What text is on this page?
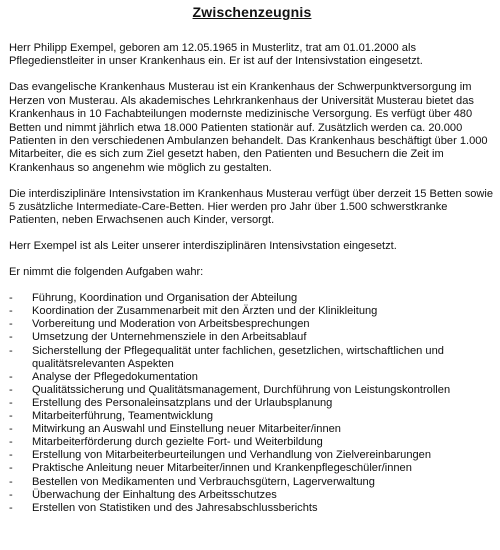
Zwischenzeugnis

Herr Philipp Exempel, geboren am 12.05.1965 in Musterlitz, trat am 01.01.2000 als Pflegedienstleiter in unser Krankenhaus ein. Er ist auf der Intensivstation eingesetzt.

Das evangelische Krankenhaus Musterau ist ein Krankenhaus der Schwerpunktversorgung im Herzen von Musterau. Als akademisches Lehrkrankenhaus der Universität Musterau bietet das Krankenhaus in 10 Fachabteilungen modernste medizinische Versorgung. Es verfügt über 480 Betten und nimmt jährlich etwa 18.000 Patienten stationär auf. Zusätzlich werden ca. 20.000 Patienten in den verschiedenen Ambulanzen behandelt. Das Krankenhaus beschäftigt über 1.000 Mitarbeiter, die es sich zum Ziel gesetzt haben, den Patienten und Besuchern die Zeit im Krankenhaus so angenehm wie möglich zu gestalten.

Die interdisziplinäre Intensivstation im Krankenhaus Musterau verfügt über derzeit 15 Betten sowie 5 zusätzliche Intermediate-Care-Betten. Hier werden pro Jahr über 1.500 schwerstkranke Patienten, neben Erwachsenen auch Kinder, versorgt.

Herr Exempel ist als Leiter unserer interdisziplinären Intensivstation eingesetzt.

Er nimmt die folgenden Aufgaben wahr:

- Führung, Koordination und Organisation der Abteilung
- Koordination der Zusammenarbeit mit den Ärzten und der Klinikleitung
- Vorbereitung und Moderation von Arbeitsbesprechungen
- Umsetzung der Unternehmensziele in den Arbeitsablauf
- Sicherstellung der Pflegequalität unter fachlichen, gesetzlichen, wirtschaftlichen und qualitätsrelevanten Aspekten
- Analyse der Pflegedokumentation
- Qualitätssicherung und Qualitätsmanagement, Durchführung von Leistungskontrollen
- Erstellung des Personaleinsatzplans und der Urlaubsplanung
- Mitarbeiterführung, Teamentwicklung
- Mitwirkung an Auswahl und Einstellung neuer Mitarbeiter/innen
- Mitarbeiterförderung durch gezielte Fort- und Weiterbildung
- Erstellung von Mitarbeiterbeurteilungen und Verhandlung von Zielvereinbarungen
- Praktische Anleitung neuer Mitarbeiter/innen und Krankenpflegeschüler/innen
- Bestellen von Medikamenten und Verbrauchsgütern, Lagerverwaltung
- Überwachung der Einhaltung des Arbeitsschutzes
- Erstellen von Statistiken und des Jahresabschlussberichts
